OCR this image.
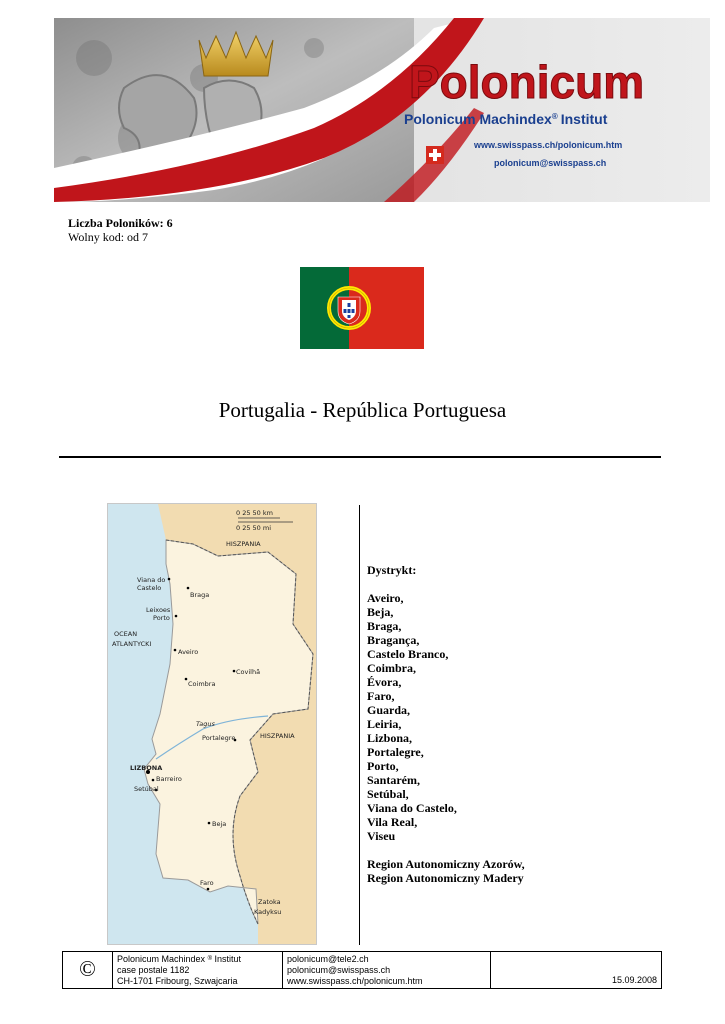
Polonicum
Polonicum Machindex® Institut
www.swisspass.ch/polonicum.htm
polonicum@swisspass.ch
Liczba Poloników: 6
Wolny kod: od 7
Portugalia - República Portuguesa
0 25 50 km
0 25 50 mi
HISZPANIA
HISZPANIA
OCEAN
ATLANTYCKI
Zatoka
Kadyksu
Tagus
Viana do
Castelo
Braga
Leixoes
Porto
Aveiro
Covilhã
Coimbra
Portalegre
LIZBONA
Barreiro
Setúbal
Beja
Faro
Dystrykt:
Aveiro,
Beja,
Braga,
Bragança,
Castelo Branco,
Coimbra,
Évora,
Faro,
Guarda,
Leiria,
Lizbona,
Portalegre,
Porto,
Santarém,
Setúbal,
Viana do Castelo,
Vila Real,
Viseu
Region Autonomiczny Azorów,
Region Autonomiczny Madery
©	Polonicum Machindex ® Institut
case postale 1182
CH-1701 Fribourg, Szwajcaria
polonicum@tele2.ch
polonicum@swisspass.ch
www.swisspass.ch/polonicum.htm	15.09.2008
